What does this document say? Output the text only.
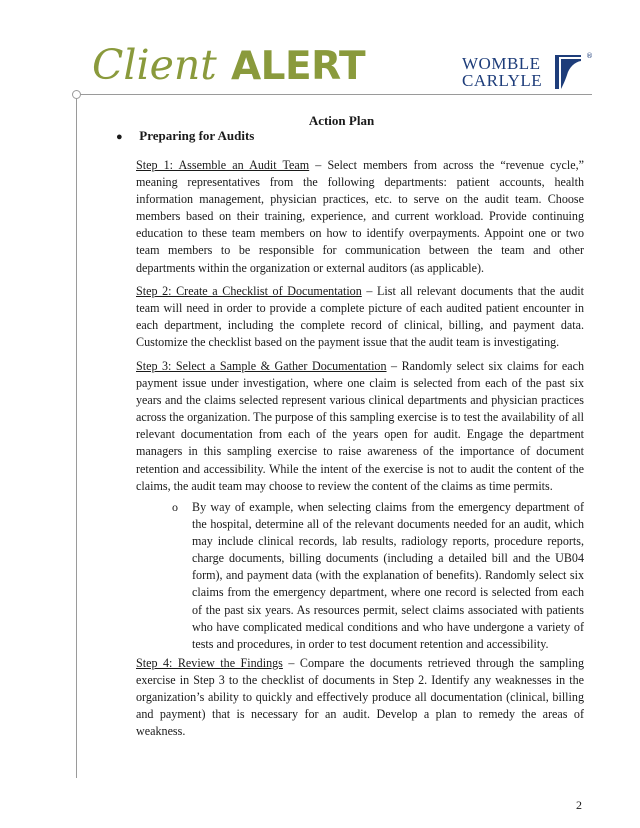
Client ALERT	WOMBLE
CARLYLE
®
Action Plan
● Preparing for Audits

Step 1: Assemble an Audit Team – Select members from across the “revenue cycle,” meaning representatives from the following departments: patient accounts, health information management, physician practices, etc. to serve on the audit team. Choose members based on their training, experience, and current workload. Provide continuing education to these team members on how to identify overpayments. Appoint one or two team members to be responsible for communication between the team and other departments within the organization or external auditors (as applicable).

Step 2: Create a Checklist of Documentation – List all relevant documents that the audit team will need in order to provide a complete picture of each audited patient encounter in each department, including the complete record of clinical, billing, and payment data. Customize the checklist based on the payment issue that the audit team is investigating.

Step 3: Select a Sample & Gather Documentation – Randomly select six claims for each payment issue under investigation, where one claim is selected from each of the past six years and the claims selected represent various clinical departments and physician practices across the organization. The purpose of this sampling exercise is to test the availability of all relevant documentation from each of the years open for audit. Engage the department managers in this sampling exercise to raise awareness of the importance of document retention and accessibility. While the intent of the exercise is not to audit the content of the claims, the audit team may choose to review the content of the claims as time permits.

o By way of example, when selecting claims from the emergency department of the hospital, determine all of the relevant documents needed for an audit, which may include clinical records, lab results, radiology reports, procedure reports, charge documents, billing documents (including a detailed bill and the UB04 form), and payment data (with the explanation of benefits). Randomly select six claims from the emergency department, where one record is selected from each of the past six years. As resources permit, select claims associated with patients who have complicated medical conditions and who have undergone a variety of tests and procedures, in order to test document retention and accessibility.

Step 4: Review the Findings – Compare the documents retrieved through the sampling exercise in Step 3 to the checklist of documents in Step 2. Identify any weaknesses in the organization’s ability to quickly and effectively produce all documentation (clinical, billing and payment) that is necessary for an audit. Develop a plan to remedy the areas of weakness.

2
